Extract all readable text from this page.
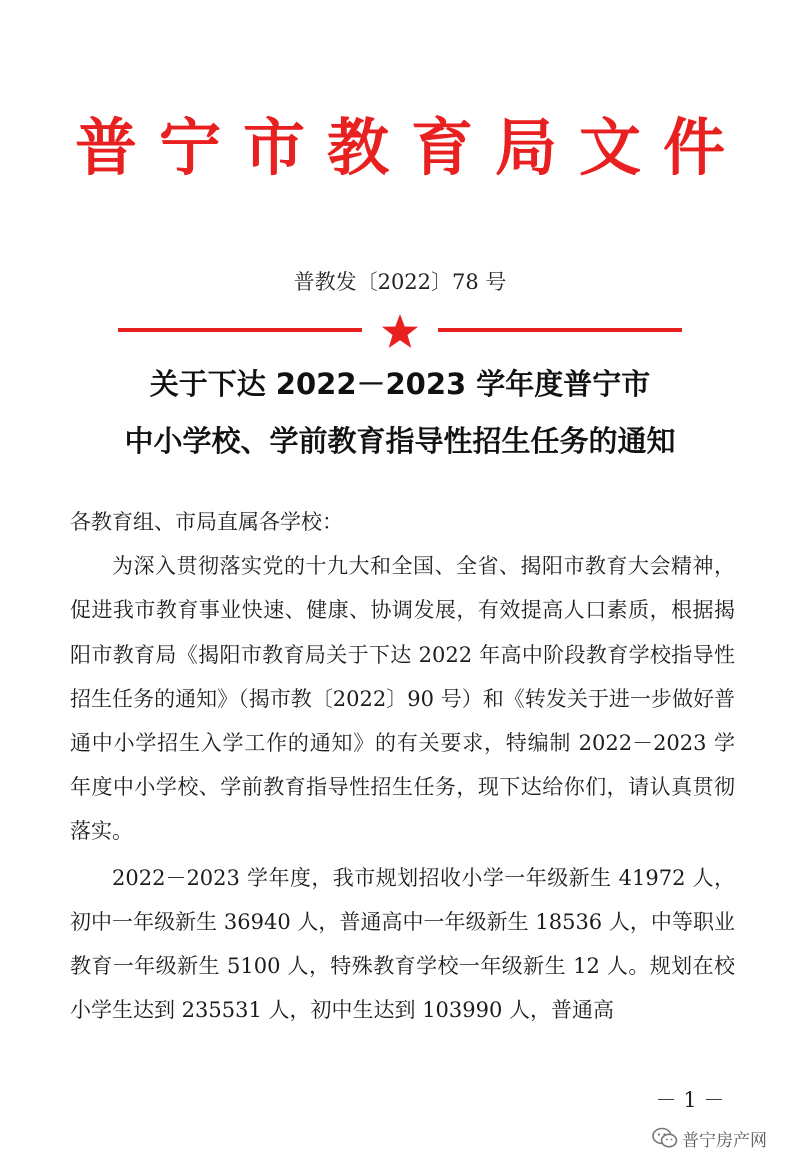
普宁市教育局文件
普教发〔2022〕78 号
关于下达 2022－2023 学年度普宁市
中小学校、学前教育指导性招生任务的通知

各教育组、市局直属各学校：

为深入贯彻落实党的十九大和全国、全省、揭阳市教育大会精神，促进我市教育事业快速、健康、协调发展，有效提高人口素质，根据揭阳市教育局《揭阳市教育局关于下达 2022 年高中阶段教育学校指导性招生任务的通知》（揭市教〔2022〕90 号）和《转发关于进一步做好普通中小学招生入学工作的通知》的有关要求，特编制 2022－2023 学年度中小学校、学前教育指导性招生任务，现下达给你们，请认真贯彻落实。

2022－2023 学年度，我市规划招收小学一年级新生 41972 人，初中一年级新生 36940 人，普通高中一年级新生 18536 人，中等职业教育一年级新生 5100 人，特殊教育学校一年级新生 12 人。规划在校小学生达到 235531 人，初中生达到 103990 人，普通高

－ 1 －
普宁房产网
